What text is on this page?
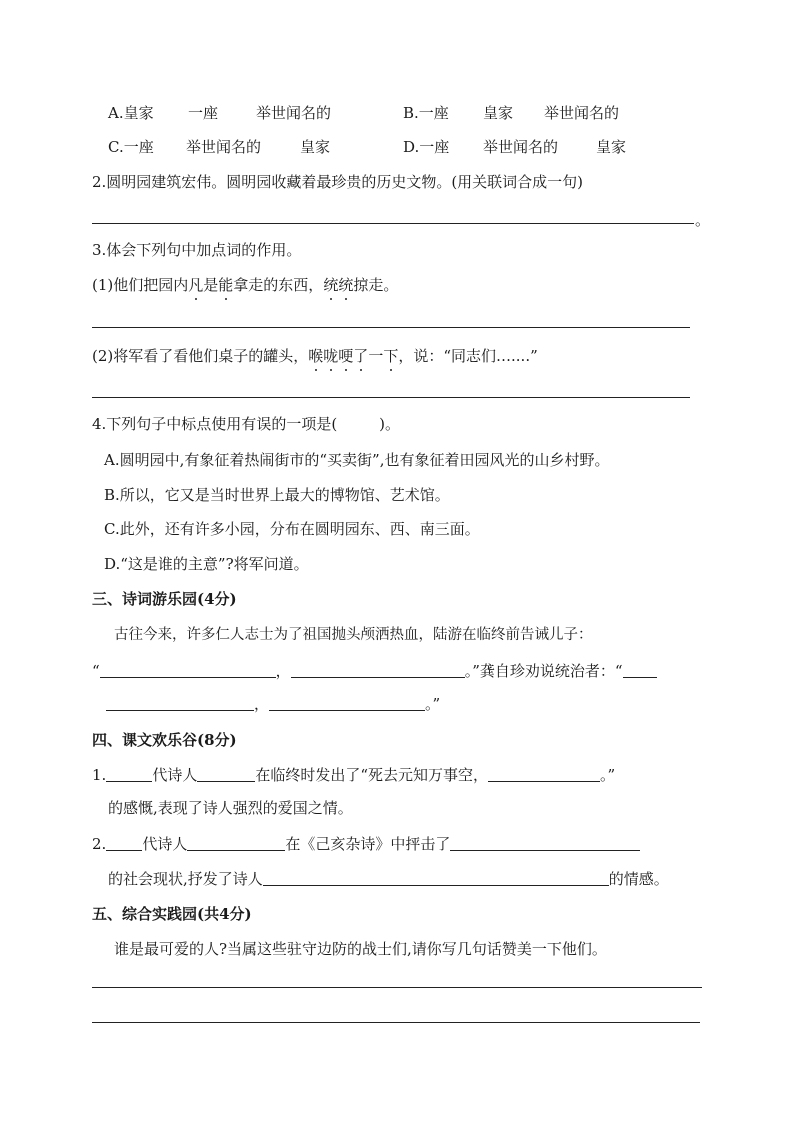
A.皇家 一座	举世闻名的	B.一座 皇家 举世闻名的
C.一座 举世闻名的	皇家	D.一座 举世闻名的	皇家
2.圆明园建筑宏伟。圆明园收藏着最珍贵的历史文物。(用关联词合成一句)
。
3.体会下列句中加点词的作用。
(1)他们把园内凡是能拿走的东西，统统掠走。
(2)将军看了看他们桌子的罐头，喉咙哽了一下，说：“同志们…....”
4.下列句子中标点使用有误的一项是(	)。
A.圆明园中,有象征着热闹街市的“买卖街”,也有象征着田园风光的山乡村野。
B.所以，它又是当时世界上最大的博物馆、艺术馆。
C.此外，还有许多小园，分布在圆明园东、西、南三面。
D.“这是谁的主意”?将军问道。
三、诗词游乐园(4分)
古往今来，许多仁人志士为了祖国抛头颅洒热血，陆游在临终前告诫儿子：
“	，	。”龚自珍劝说统治者：“
，	。”
四、课文欢乐谷(8分)
1.	代诗人	在临终时发出了“死去元知万事空，	。”
的感慨,表现了诗人强烈的爱国之情。
2. 代诗人	在《己亥杂诗》中抨击了
的社会现状,抒发了诗人	的情感。
五、综合实践园(共4分)
谁是最可爱的人?当属这些驻守边防的战士们,请你写几句话赞美一下他们。
